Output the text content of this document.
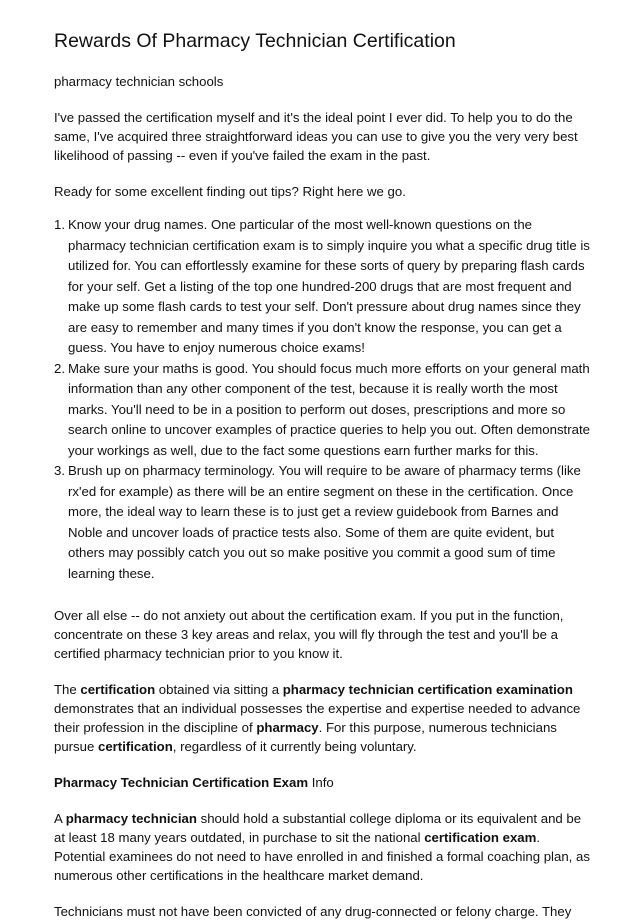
Rewards Of Pharmacy Technician Certification

pharmacy technician schools

I've passed the certification myself and it's the ideal point I ever did. To help you to do the same, I've acquired three straightforward ideas you can use to give you the very very best likelihood of passing -- even if you've failed the exam in the past.

Ready for some excellent finding out tips? Right here we go.

1. Know your drug names. One particular of the most well-known questions on the pharmacy technician certification exam is to simply inquire you what a specific drug title is utilized for. You can effortlessly examine for these sorts of query by preparing flash cards for your self. Get a listing of the top one hundred-200 drugs that are most frequent and make up some flash cards to test your self. Don't pressure about drug names since they are easy to remember and many times if you don't know the response, you can get a guess. You have to enjoy numerous choice exams!
2. Make sure your maths is good. You should focus much more efforts on your general math information than any other component of the test, because it is really worth the most marks. You'll need to be in a position to perform out doses, prescriptions and more so search online to uncover examples of practice queries to help you out. Often demonstrate your workings as well, due to the fact some questions earn further marks for this.
3. Brush up on pharmacy terminology. You will require to be aware of pharmacy terms (like rx'ed for example) as there will be an entire segment on these in the certification. Once more, the ideal way to learn these is to just get a review guidebook from Barnes and Noble and uncover loads of practice tests also. Some of them are quite evident, but others may possibly catch you out so make positive you commit a good sum of time learning these.

Over all else -- do not anxiety out about the certification exam. If you put in the function, concentrate on these 3 key areas and relax, you will fly through the test and you'll be a certified pharmacy technician prior to you know it.

The certification obtained via sitting a pharmacy technician certification examination demonstrates that an individual possesses the expertise and expertise needed to advance their profession in the discipline of pharmacy. For this purpose, numerous technicians pursue certification, regardless of it currently being voluntary.

Pharmacy Technician Certification Exam Info

A pharmacy technician should hold a substantial college diploma or its equivalent and be at least 18 many years outdated, in purchase to sit the national certification exam. Potential examinees do not need to have enrolled in and finished a formal coaching plan, as numerous other certifications in the healthcare market demand.

Technicians must not have been convicted of any drug-connected or felony charge. They
